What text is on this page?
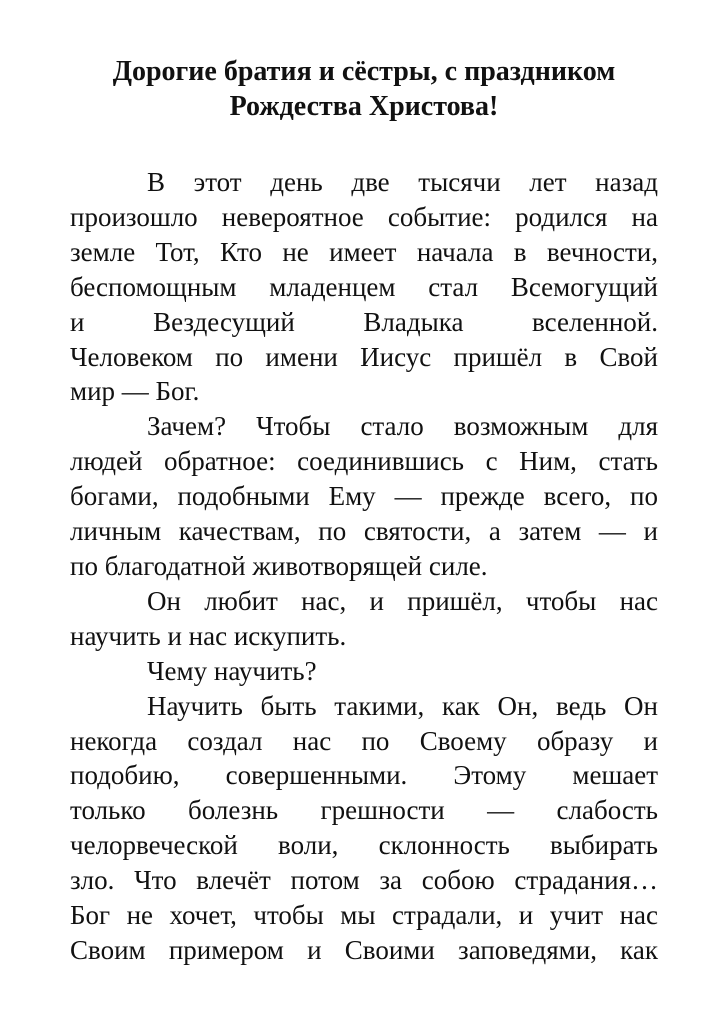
Дорогие братия и сёстры, с праздником
Рождества Христова!

В этот день две тысячи лет назад
произошло невероятное событие: родился на
земле Тот, Кто не имеет начала в вечности,
беспомощным младенцем стал Всемогущий
и Вездесущий Владыка вселенной.
Человеком по имени Иисус пришёл в Свой
мир — Бог.

Зачем? Чтобы стало возможным для
людей обратное: соединившись с Ним, стать
богами, подобными Ему — прежде всего, по
личным качествам, по святости, а затем — и
по благодатной животворящей силе.

Он любит нас, и пришёл, чтобы нас
научить и нас искупить.

Чему научить?

Научить быть такими, как Он, ведь Он
некогда создал нас по Своему образу и
подобию, совершенными. Этому мешает
только болезнь грешности — слабость
челорвеческой воли, склонность выбирать
зло. Что влечёт потом за собою страдания…
Бог не хочет, чтобы мы страдали, и учит нас
Своим примером и Своими заповедями, как
